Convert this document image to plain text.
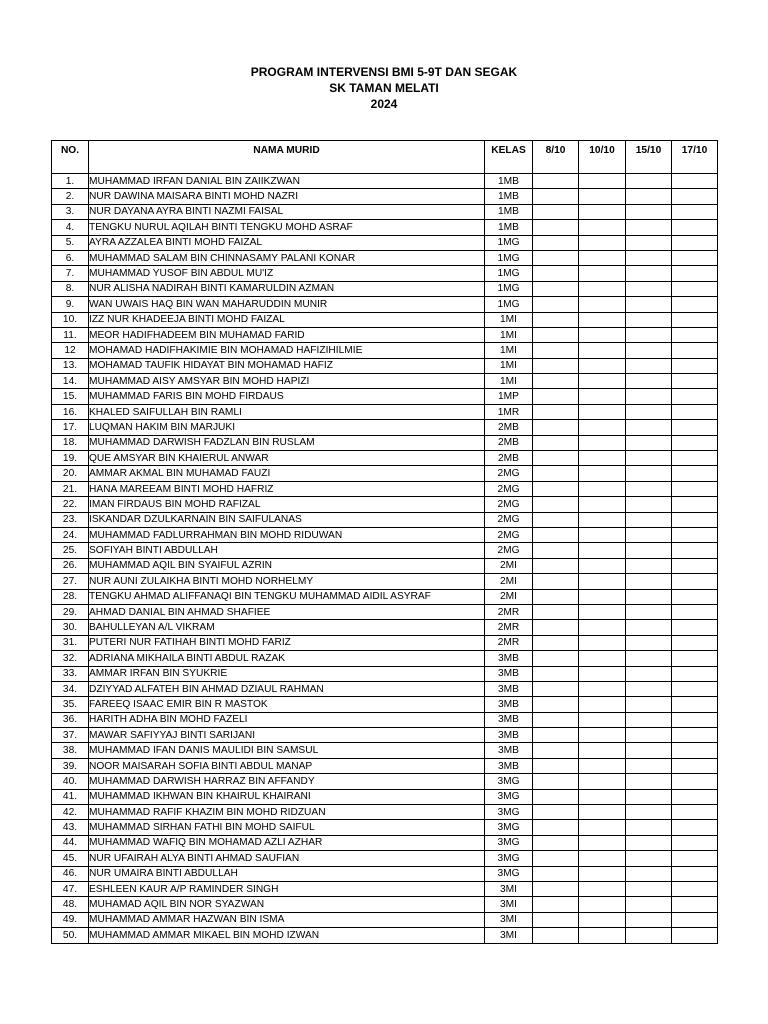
PROGRAM INTERVENSI BMI 5-9T DAN SEGAK
SK TAMAN MELATI
2024
NO.	NAMA MURID	KELAS	8/10	10/10	15/10	17/10
1.	MUHAMMAD IRFAN DANIAL BIN ZAIIKZWAN	1MB				
2.	NUR DAWINA MAISARA BINTI MOHD NAZRI	1MB				
3.	NUR DAYANA AYRA BINTI NAZMI FAISAL	1MB				
4.	TENGKU NURUL AQILAH BINTI TENGKU MOHD ASRAF	1MB				
5.	AYRA AZZALEA BINTI MOHD FAIZAL	1MG				
6.	MUHAMMAD SALAM BIN CHINNASAMY PALANI KONAR	1MG				
7.	MUHAMMAD YUSOF BIN ABDUL MU'IZ	1MG				
8.	NUR ALISHA NADIRAH BINTI KAMARULDIN AZMAN	1MG				
9.	WAN UWAIS HAQ BIN WAN MAHARUDDIN MUNIR	1MG				
10.	IZZ NUR KHADEEJA BINTI MOHD FAIZAL	1MI				
11.	MEOR HADIFHADEEM BIN MUHAMAD FARID	1MI				
12	MOHAMAD HADIFHAKIMIE BIN MOHAMAD HAFIZIHILMIE	1MI				
13.	MOHAMAD TAUFIK HIDAYAT BIN MOHAMAD HAFIZ	1MI				
14.	MUHAMMAD AISY AMSYAR BIN MOHD HAPIZI	1MI				
15.	MUHAMMAD FARIS BIN MOHD FIRDAUS	1MP				
16.	KHALED SAIFULLAH BIN RAMLI	1MR				
17.	LUQMAN HAKIM BIN MARJUKI	2MB				
18.	MUHAMMAD DARWISH FADZLAN BIN RUSLAM	2MB				
19.	QUE AMSYAR BIN KHAIERUL ANWAR	2MB				
20.	AMMAR AKMAL BIN MUHAMAD FAUZI	2MG				
21.	HANA MAREEAM BINTI MOHD HAFRIZ	2MG				
22.	IMAN FIRDAUS BIN MOHD RAFIZAL	2MG				
23.	ISKANDAR DZULKARNAIN BIN SAIFULANAS	2MG				
24.	MUHAMMAD FADLURRAHMAN BIN MOHD RIDUWAN	2MG				
25.	SOFIYAH BINTI ABDULLAH	2MG				
26.	MUHAMMAD AQIL BIN SYAIFUL AZRIN	2MI				
27.	NUR AUNI ZULAIKHA BINTI MOHD NORHELMY	2MI				
28.	TENGKU AHMAD ALIFFANAQI BIN TENGKU MUHAMMAD AIDIL ASYRAF	2MI				
29.	AHMAD DANIAL BIN AHMAD SHAFIEE	2MR				
30.	BAHULLEYAN A/L VIKRAM	2MR				
31.	PUTERI NUR FATIHAH BINTI MOHD FARIZ	2MR				
32.	ADRIANA MIKHAILA BINTI ABDUL RAZAK	3MB				
33.	AMMAR IRFAN BIN SYUKRIE	3MB				
34.	DZIYYAD ALFATEH BIN AHMAD DZIAUL RAHMAN	3MB				
35.	FAREEQ ISAAC EMIR BIN R MASTOK	3MB				
36.	HARITH ADHA BIN MOHD FAZELI	3MB				
37.	MAWAR SAFIYYAJ BINTI SARIJANI	3MB				
38.	MUHAMMAD IFAN DANIS MAULIDI BIN SAMSUL	3MB				
39.	NOOR MAISARAH SOFIA BINTI ABDUL MANAP	3MB				
40.	MUHAMMAD DARWISH HARRAZ BIN AFFANDY	3MG				
41.	MUHAMMAD IKHWAN BIN KHAIRUL KHAIRANI	3MG				
42.	MUHAMMAD RAFIF KHAZIM BIN MOHD RIDZUAN	3MG				
43.	MUHAMMAD SIRHAN FATHI BIN MOHD SAIFUL	3MG				
44.	MUHAMMAD WAFIQ BIN MOHAMAD AZLI AZHAR	3MG				
45.	NUR UFAIRAH ALYA BINTI AHMAD SAUFIAN	3MG				
46.	NUR UMAIRA BINTI ABDULLAH	3MG				
47.	ESHLEEN KAUR A/P RAMINDER SINGH	3MI				
48.	MUHAMAD AQIL BIN NOR SYAZWAN	3MI				
49.	MUHAMMAD AMMAR HAZWAN BIN ISMA	3MI				
50.	MUHAMMAD AMMAR MIKAEL BIN MOHD IZWAN	3MI				
